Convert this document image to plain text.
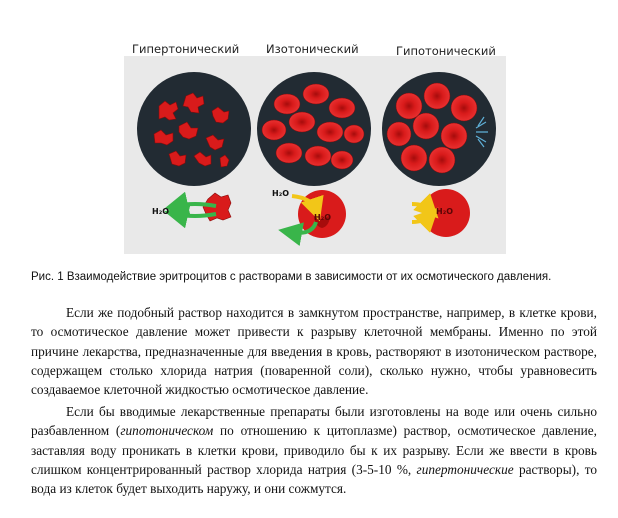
H₂O
H₂O
H₂O
H₂O
Гипертонический Изотонический	Гипотонический
Рис. 1 Взаимодействие эритроцитов с растворами в зависимости от их осмотического давления.

Если же подобный раствор находится в замкнутом пространстве, например, в клетке крови, то осмотическое давление может привести к разрыву клеточной мембраны. Именно по этой причине лекарства, предназначенные для введения в кровь, растворяют в изотоническом растворе, содержащем столько хлорида натрия (поваренной соли), сколько нужно, чтобы уравновесить создаваемое клеточной жидкостью осмотическое давление.

Если бы вводимые лекарственные препараты были изготовлены на воде или очень сильно разбавленном (гипотоническом по отношению к цитоплазме) раствор, осмотическое давление, заставляя воду проникать в клетки крови, приводило бы к их разрыву. Если же ввести в кровь слишком концентрированный раствор хлорида натрия (3-5-10 %, гипертонические растворы), то вода из клеток будет выходить наружу, и они сожмутся.
